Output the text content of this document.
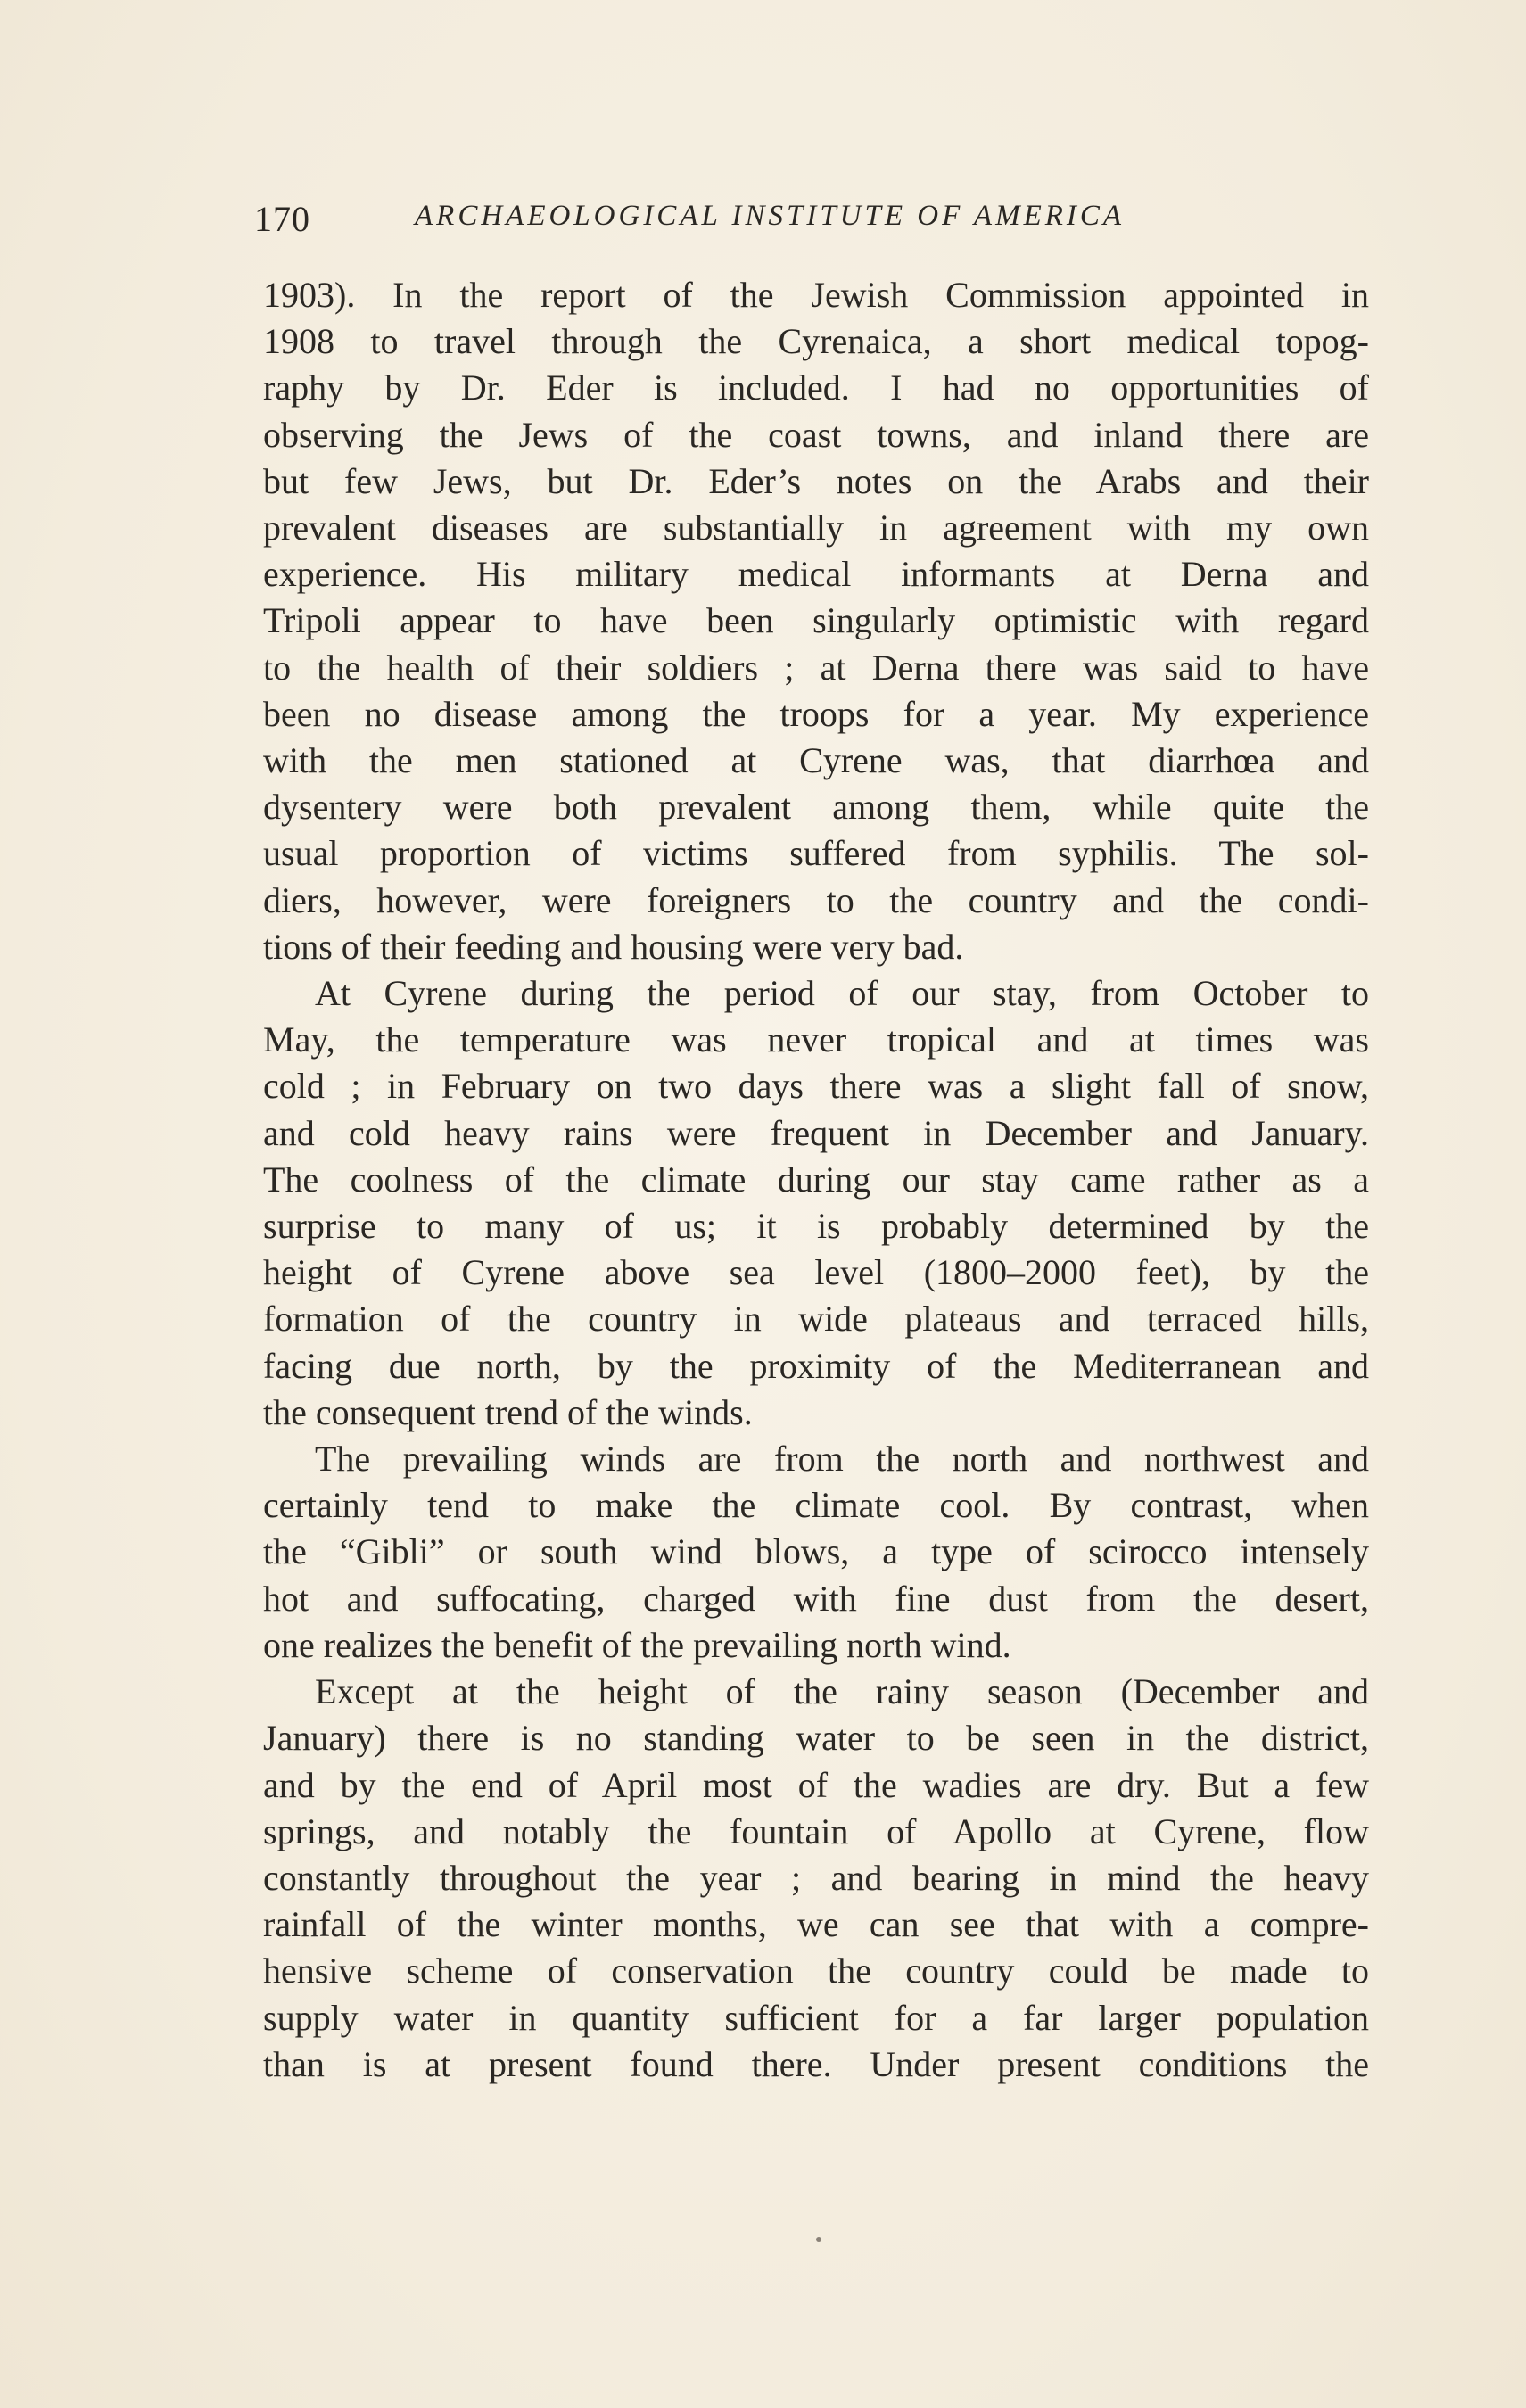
170	ARCHAEOLOGICAL INSTITUTE OF AMERICA
1903). In the report of the Jewish Commission appointed in
1908 to travel through the Cyrenaica, a short medical topog-
raphy by Dr. Eder is included. I had no opportunities of
observing the Jews of the coast towns, and inland there are
but few Jews, but Dr. Eder’s notes on the Arabs and their
prevalent diseases are substantially in agreement with my own
experience. His military medical informants at Derna and
Tripoli appear to have been singularly optimistic with regard
to the health of their soldiers ; at Derna there was said to have
been no disease among the troops for a year. My experience
with the men stationed at Cyrene was, that diarrhœa and
dysentery were both prevalent among them, while quite the
usual proportion of victims suffered from syphilis. The sol-
diers, however, were foreigners to the country and the condi-
tions of their feeding and housing were very bad.
At Cyrene during the period of our stay, from October to
May, the temperature was never tropical and at times was
cold ; in February on two days there was a slight fall of snow,
and cold heavy rains were frequent in December and January.
The coolness of the climate during our stay came rather as a
surprise to many of us; it is probably determined by the
height of Cyrene above sea level (1800–2000 feet), by the
formation of the country in wide plateaus and terraced hills,
facing due north, by the proximity of the Mediterranean and
the consequent trend of the winds.
The prevailing winds are from the north and northwest and
certainly tend to make the climate cool. By contrast, when
the “Gibli” or south wind blows, a type of scirocco intensely
hot and suffocating, charged with fine dust from the desert,
one realizes the benefit of the prevailing north wind.
Except at the height of the rainy season (December and
January) there is no standing water to be seen in the district,
and by the end of April most of the wadies are dry. But a few
springs, and notably the fountain of Apollo at Cyrene, flow
constantly throughout the year ; and bearing in mind the heavy
rainfall of the winter months, we can see that with a compre-
hensive scheme of conservation the country could be made to
supply water in quantity sufficient for a far larger population
than is at present found there. Under present conditions the
